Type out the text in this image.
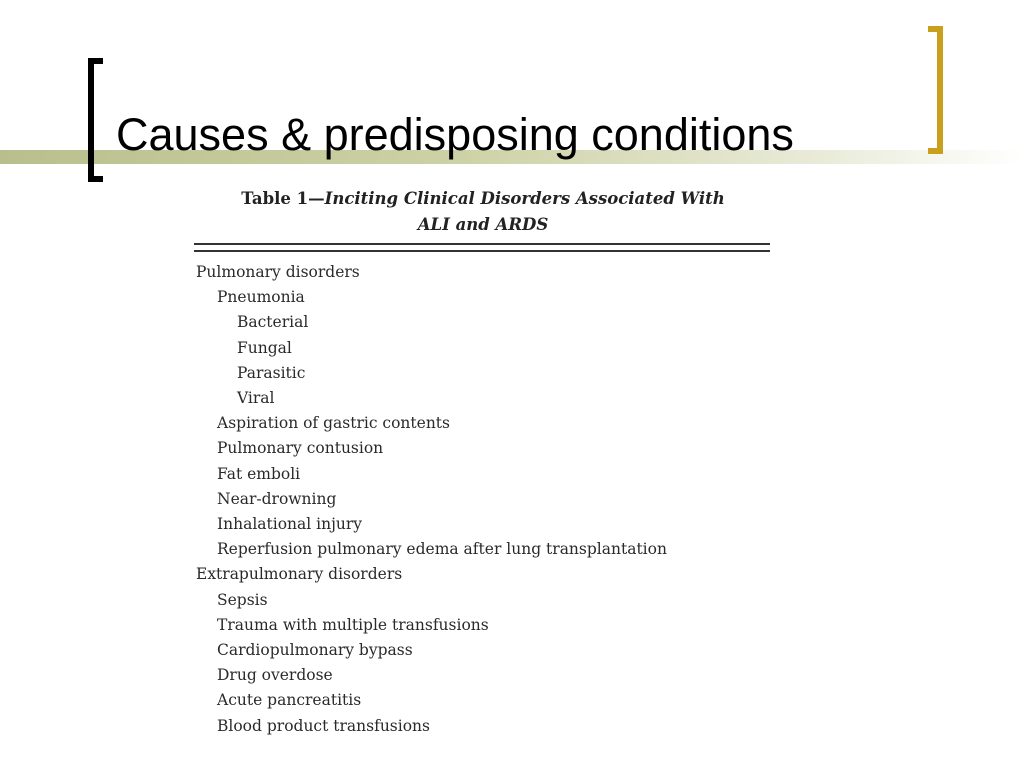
Causes & predisposing conditions
Table 1—Inciting Clinical Disorders Associated With
ALI and ARDS
Pulmonary disorders
Pneumonia
Bacterial
Fungal
Parasitic
Viral
Aspiration of gastric contents
Pulmonary contusion
Fat emboli
Near-drowning
Inhalational injury
Reperfusion pulmonary edema after lung transplantation
Extrapulmonary disorders
Sepsis
Trauma with multiple transfusions
Cardiopulmonary bypass
Drug overdose
Acute pancreatitis
Blood product transfusions
